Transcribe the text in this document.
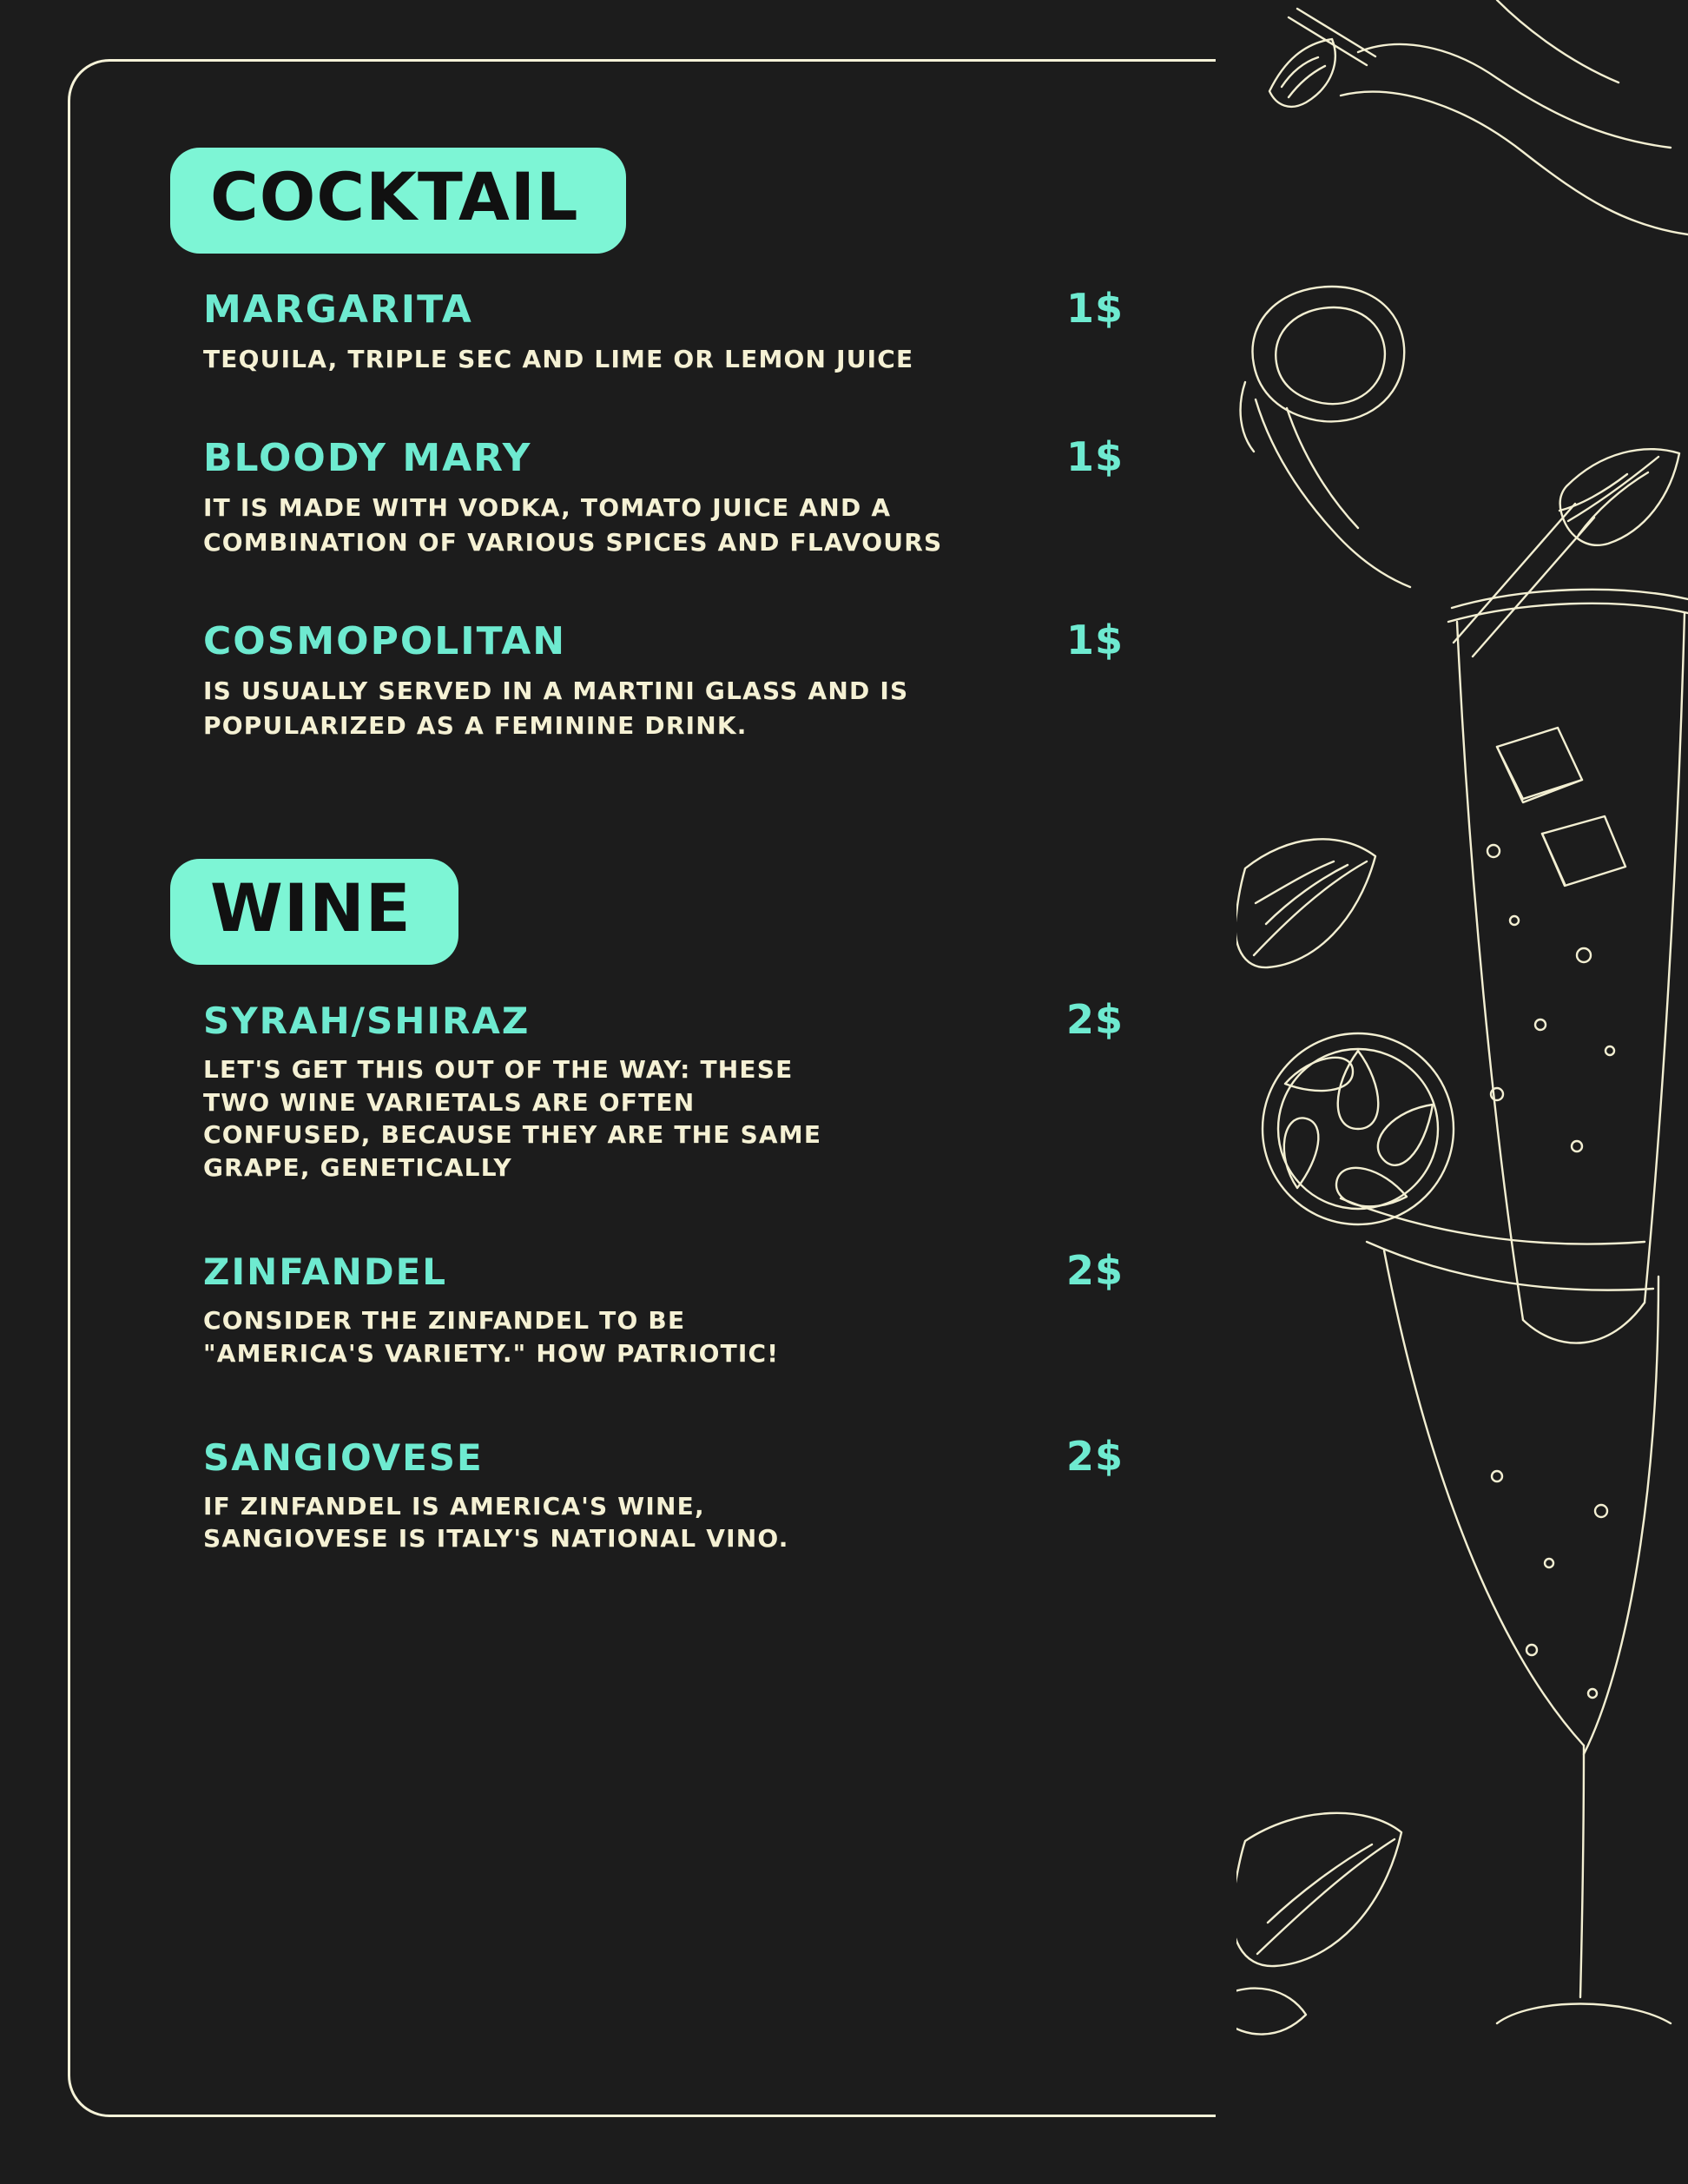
COCKTAIL
MARGARITA	1$
TEQUILA, TRIPLE SEC AND LIME OR LEMON JUICE
BLOODY MARY	1$
IT IS MADE WITH VODKA, TOMATO JUICE AND A COMBINATION OF VARIOUS SPICES AND FLAVOURS
COSMOPOLITAN	1$
IS USUALLY SERVED IN A MARTINI GLASS AND IS POPULARIZED AS A FEMININE DRINK.
WINE
SYRAH/SHIRAZ	2$
LET'S GET THIS OUT OF THE WAY: THESE TWO WINE VARIETALS ARE OFTEN CONFUSED, BECAUSE THEY ARE THE SAME GRAPE, GENETICALLY
ZINFANDEL	2$
CONSIDER THE ZINFANDEL TO BE "AMERICA'S VARIETY." HOW PATRIOTIC!
SANGIOVESE	2$
IF ZINFANDEL IS AMERICA'S WINE, SANGIOVESE IS ITALY'S NATIONAL VINO.
